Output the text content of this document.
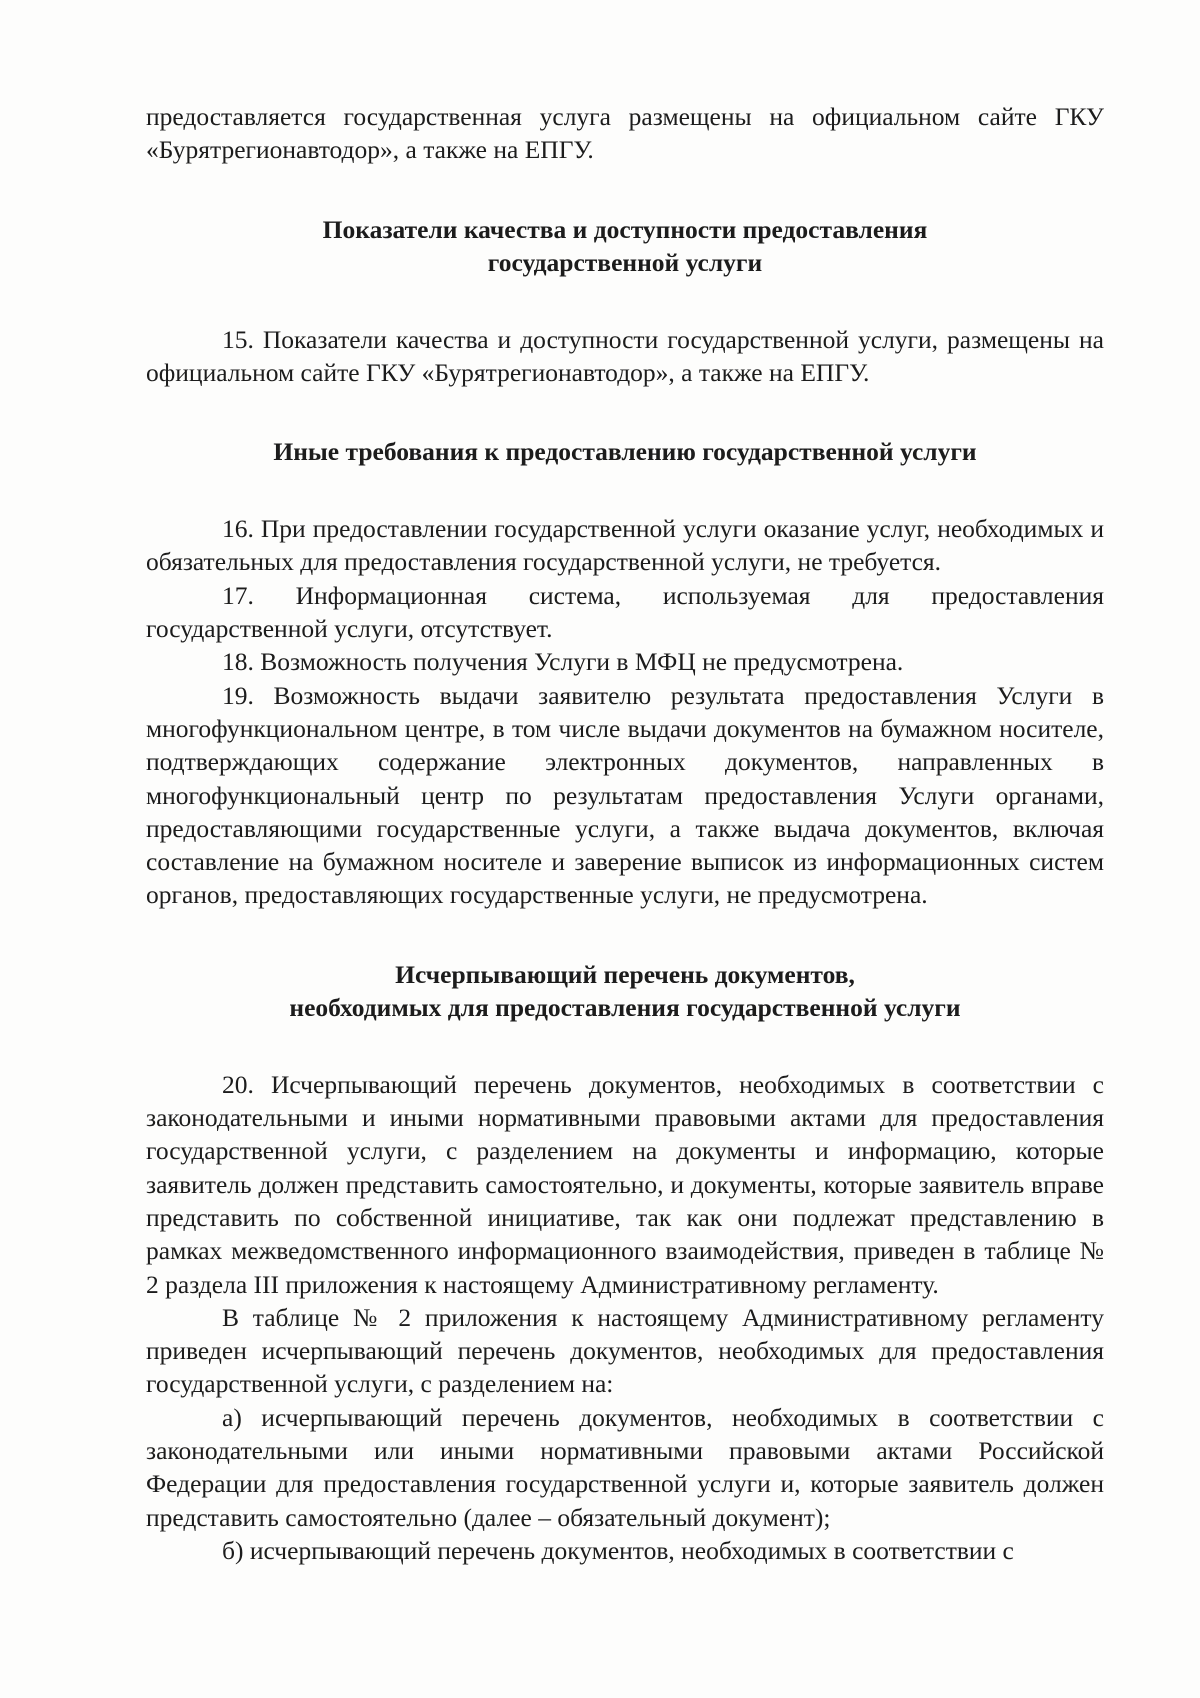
предоставляется государственная услуга размещены на официальном сайте ГКУ «Бурятрегионавтодор», а также на ЕПГУ.

Показатели качества и доступности предоставления
государственной услуги

15. Показатели качества и доступности государственной услуги, размещены на официальном сайте ГКУ «Бурятрегионавтодор», а также на ЕПГУ.

Иные требования к предоставлению государственной услуги

16. При предоставлении государственной услуги оказание услуг, необходимых и обязательных для предоставления государственной услуги, не требуется.

17. Информационная система, используемая для предоставления государственной услуги, отсутствует.

18. Возможность получения Услуги в МФЦ не предусмотрена.

19. Возможность выдачи заявителю результата предоставления Услуги в многофункциональном центре, в том числе выдачи документов на бумажном носителе, подтверждающих содержание электронных документов, направленных в многофункциональный центр по результатам предоставления Услуги органами, предоставляющими государственные услуги, а также выдача документов, включая составление на бумажном носителе и заверение выписок из информационных систем органов, предоставляющих государственные услуги, не предусмотрена.

Исчерпывающий перечень документов,
необходимых для предоставления государственной услуги

20. Исчерпывающий перечень документов, необходимых в соответствии с законодательными и иными нормативными правовыми актами для предоставления государственной услуги, с разделением на документы и информацию, которые заявитель должен представить самостоятельно, и документы, которые заявитель вправе представить по собственной инициативе, так как они подлежат представлению в рамках межведомственного информационного взаимодействия, приведен в таблице № 2 раздела III приложения к настоящему Административному регламенту.

В таблице № 2 приложения к настоящему Административному регламенту приведен исчерпывающий перечень документов, необходимых для предоставления государственной услуги, с разделением на:

а) исчерпывающий перечень документов, необходимых в соответствии с законодательными или иными нормативными правовыми актами Российской Федерации для предоставления государственной услуги и, которые заявитель должен представить самостоятельно (далее – обязательный документ);

б) исчерпывающий перечень документов, необходимых в соответствии с
